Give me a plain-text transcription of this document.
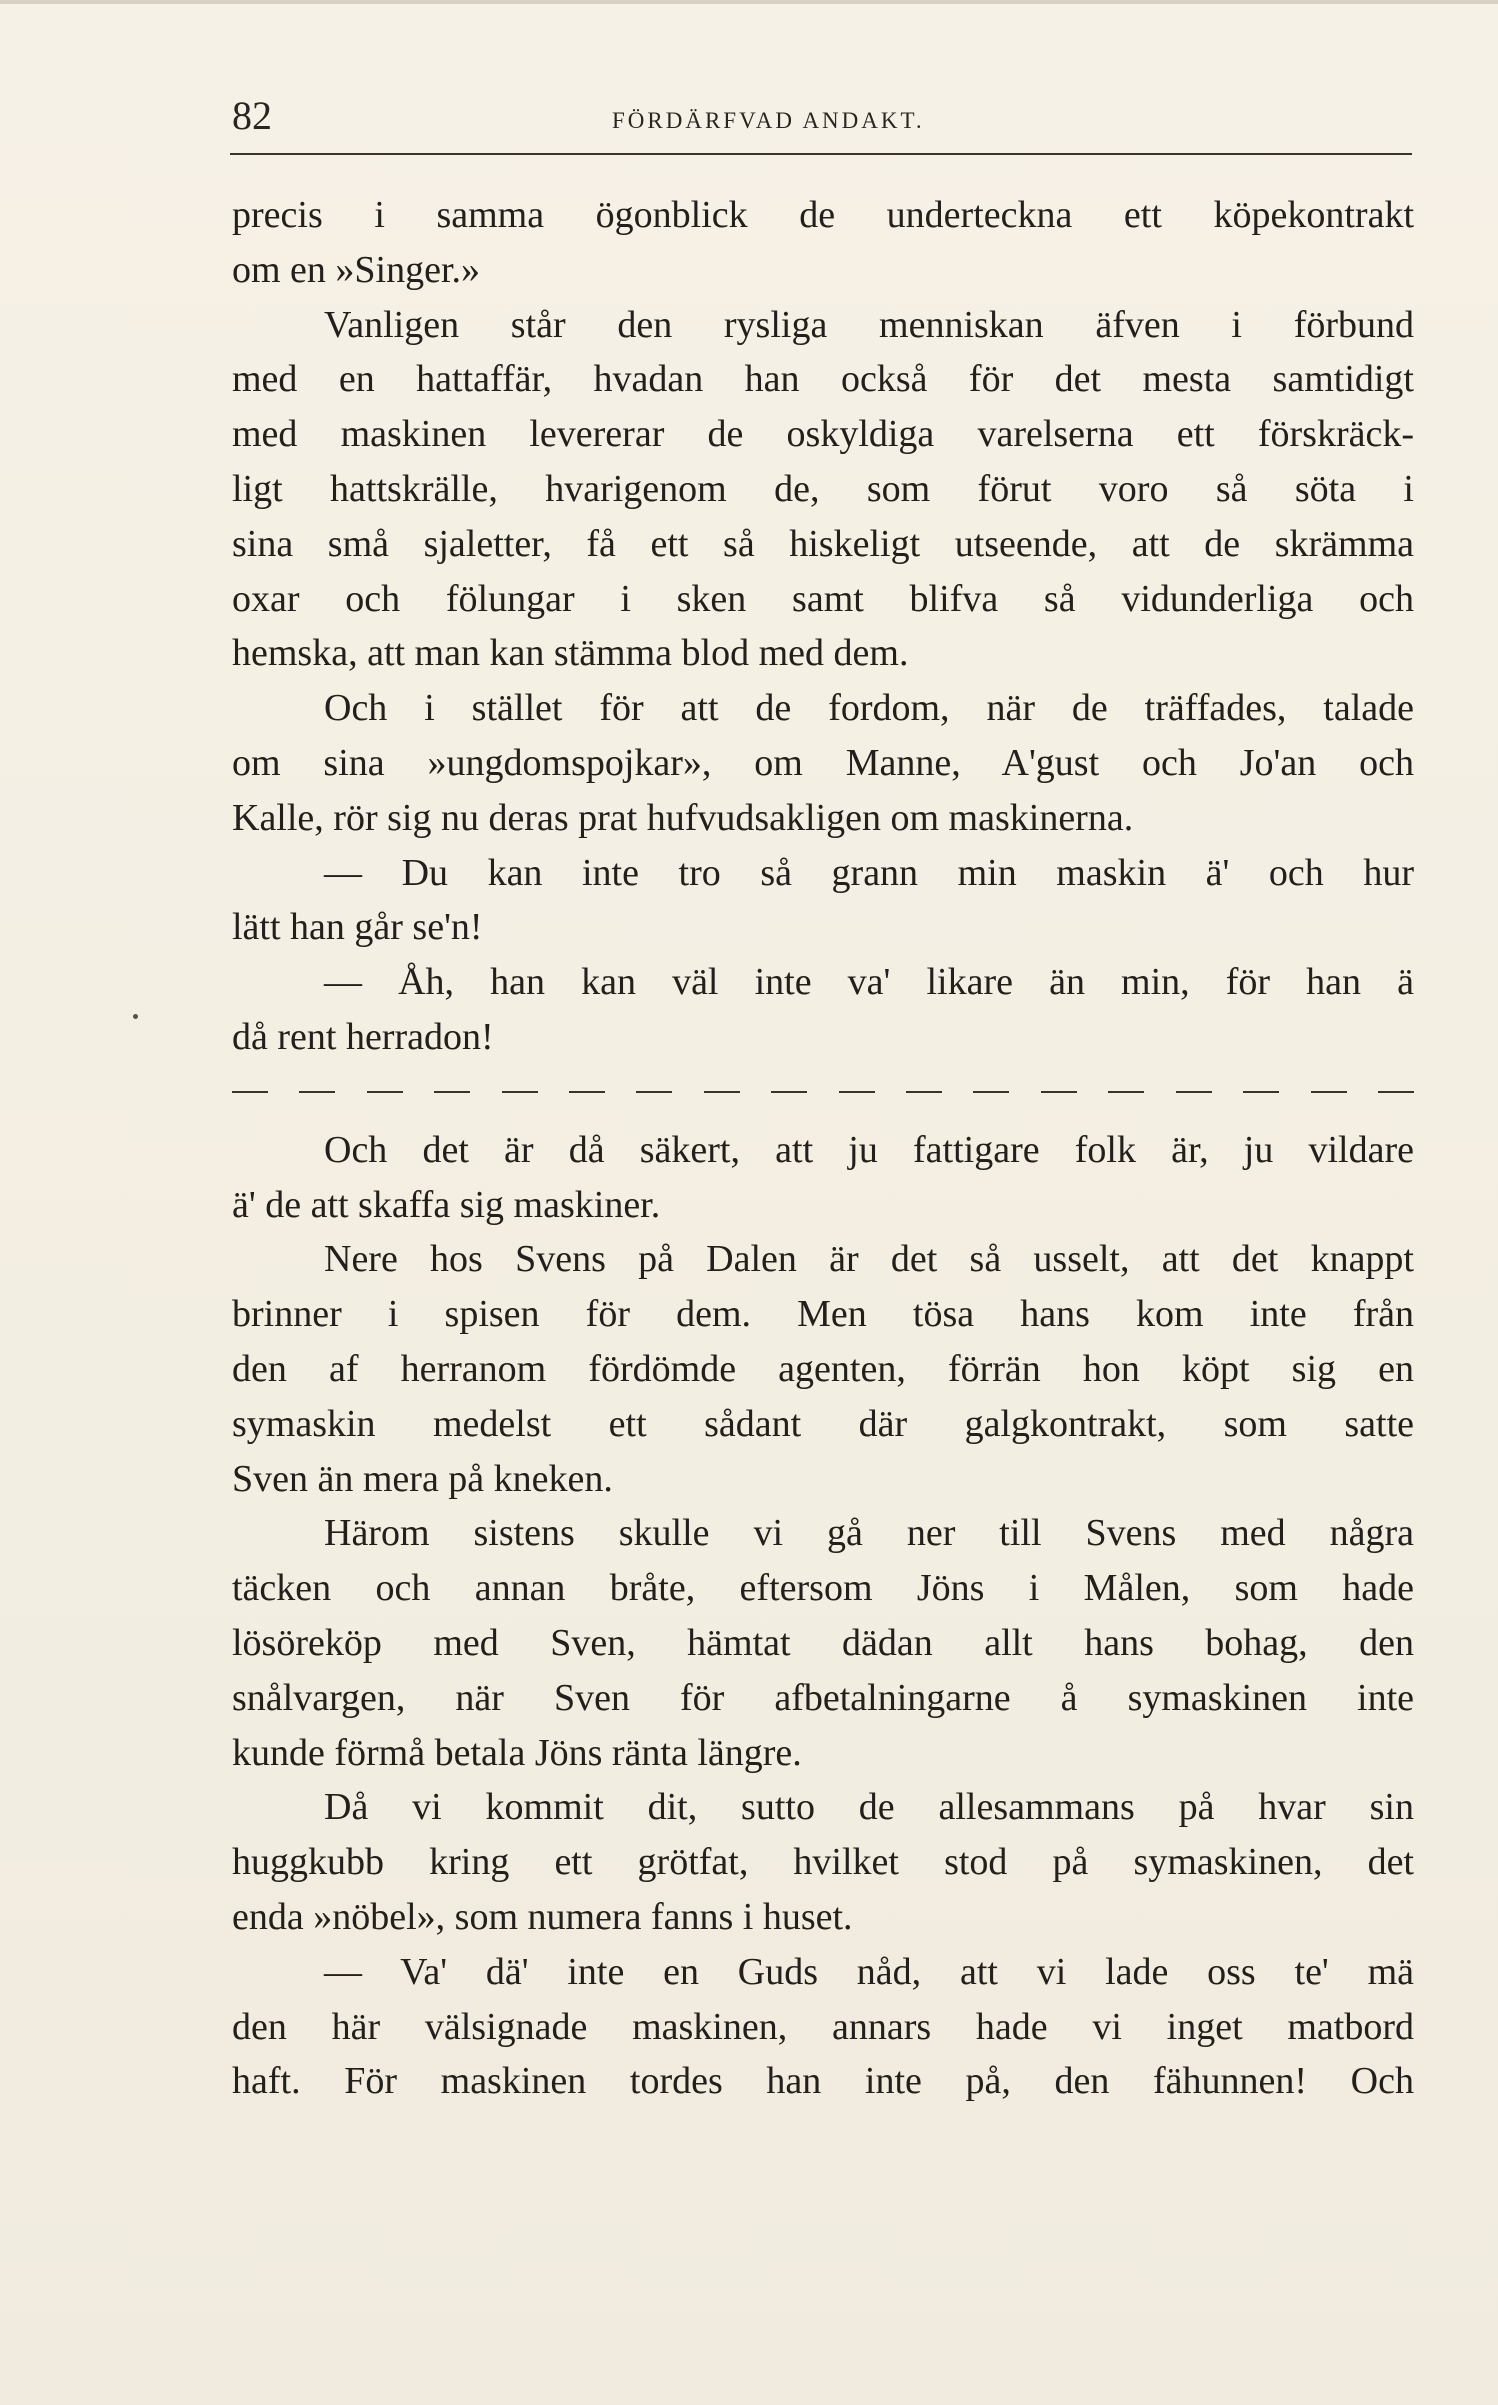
82	FÖRDÄRFVAD ANDAKT.
precis i samma ögonblick de underteckna ett köpekontrakt
om en »Singer.»
Vanligen står den rysliga menniskan äfven i förbund
med en hattaffär, hvadan han också för det mesta samtidigt
med maskinen levererar de oskyldiga varelserna ett förskräck-
ligt hattskrälle, hvarigenom de, som förut voro så söta i
sina små sjaletter, få ett så hiskeligt utseende, att de skrämma
oxar och fölungar i sken samt blifva så vidunderliga och
hemska, att man kan stämma blod med dem.
Och i stället för att de fordom, när de träffades, talade
om sina »ungdomspojkar», om Manne, A'gust och Jo'an och
Kalle, rör sig nu deras prat hufvudsakligen om maskinerna.
— Du kan inte tro så grann min maskin ä' och hur
lätt han går se'n!
— Åh, han kan väl inte va' likare än min, för han ä
då rent herradon!
Och det är då säkert, att ju fattigare folk är, ju vildare
ä' de att skaffa sig maskiner.
Nere hos Svens på Dalen är det så usselt, att det knappt
brinner i spisen för dem. Men tösa hans kom inte från
den af herranom fördömde agenten, förrän hon köpt sig en
symaskin medelst ett sådant där galgkontrakt, som satte
Sven än mera på kneken.
Härom sistens skulle vi gå ner till Svens med några
täcken och annan bråte, eftersom Jöns i Målen, som hade
lösöreköp med Sven, hämtat dädan allt hans bohag, den
snålvargen, när Sven för afbetalningarne å symaskinen inte
kunde förmå betala Jöns ränta längre.
Då vi kommit dit, sutto de allesammans på hvar sin
huggkubb kring ett grötfat, hvilket stod på symaskinen, det
enda »nöbel», som numera fanns i huset.
— Va' dä' inte en Guds nåd, att vi lade oss te' mä
den här välsignade maskinen, annars hade vi inget matbord
haft. För maskinen tordes han inte på, den fähunnen! Och
